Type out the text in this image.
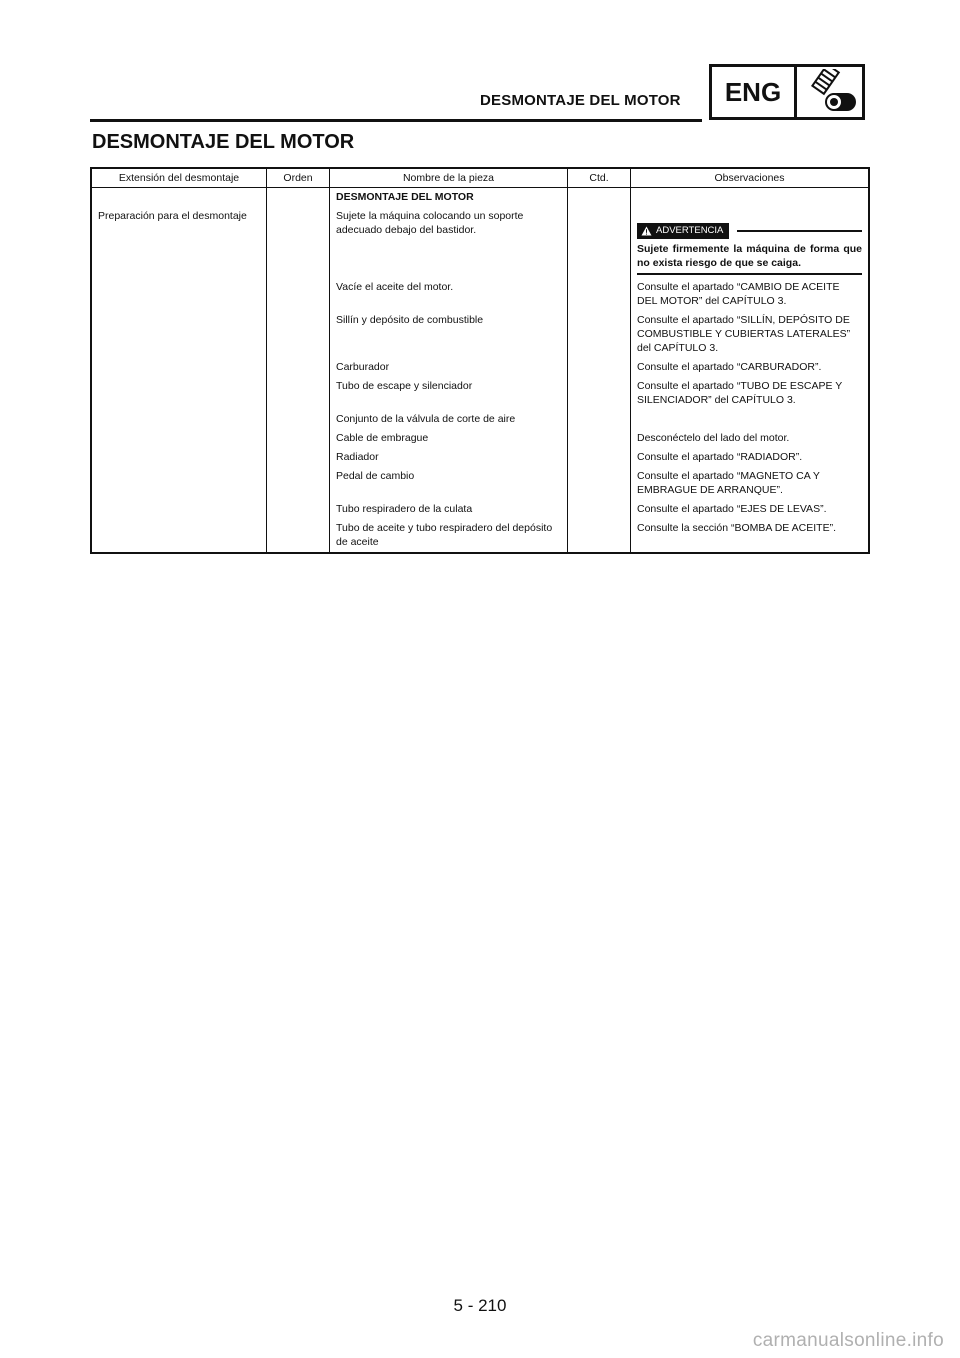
DESMONTAJE DEL MOTOR	ENG
DESMONTAJE DEL MOTOR
Extensión del desmontaje	Orden	Nombre de la pieza	Ctd.	Observaciones
		DESMONTAJE DEL MOTOR		
Preparación para el desmontaje		Sujete la máquina colocando un soporte adecuado debajo del bastidor.		ADVERTENCIA
Sujete firmemente la máquina de forma que no exista riesgo de que se caiga.

		Vacíe el aceite del motor.		Consulte el apartado “CAMBIO DE ACEITE DEL MOTOR” del CAPÍTULO 3.
		Sillín y depósito de combustible		Consulte el apartado “SILLÍN, DEPÓSITO DE COMBUSTIBLE Y CUBIERTAS LATERALES” del CAPÍTULO 3.
		Carburador		Consulte el apartado “CARBURADOR”.
		Tubo de escape y silenciador		Consulte el apartado “TUBO DE ESCAPE Y SILENCIADOR” del CAPÍTULO 3.
		Conjunto de la válvula de corte de aire		
		Cable de embrague		Desconéctelo del lado del motor.
		Radiador		Consulte el apartado “RADIADOR”.
		Pedal de cambio		Consulte el apartado “MAGNETO CA Y EMBRAGUE DE ARRANQUE”.
		Tubo respiradero de la culata		Consulte el apartado “EJES DE LEVAS”.
		Tubo de aceite y tubo respiradero del depósito de aceite		Consulte la sección “BOMBA DE ACEITE”.
5 - 210
carmanualsonline.info
